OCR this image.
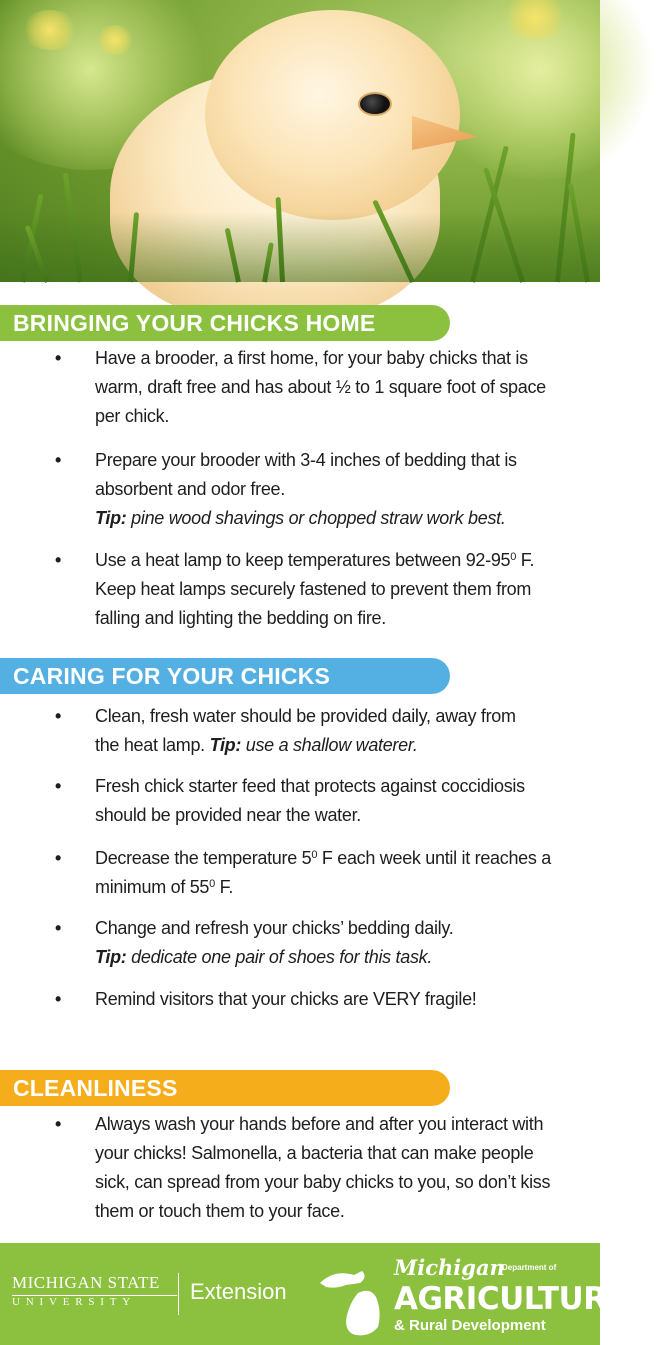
BRINGING YOUR CHICKS HOME
•	Have a brooder, a first home, for your baby chicks that is
warm, draft free and has about ½ to 1 square foot of space
per chick.
•	Prepare your brooder with 3-4 inches of bedding that is
absorbent and odor free.
Tip: pine wood shavings or chopped straw work best.
•	Use a heat lamp to keep temperatures between $92-95^0$ F.
Keep heat lamps securely fastened to prevent them from
falling and lighting the bedding on fire.
CARING FOR YOUR CHICKS
•	Clean, fresh water should be provided daily, away from
the heat lamp. Tip: use a shallow waterer.
•	Fresh chick starter feed that protects against coccidiosis
should be provided near the water.
•	Decrease the temperature $5^0$ F each week until it reaches a
minimum of $55^0$ F.
•	Change and refresh your chicks’ bedding daily.
Tip: dedicate one pair of shoes for this task.
•	Remind visitors that your chicks are VERY fragile!
CLEANLINESS
•	Always wash your hands before and after you interact with
your chicks! Salmonella, a bacteria that can make people
sick, can spread from your baby chicks to you, so don’t kiss
them or touch them to your face.
MICHIGAN STATE
UNIVERSITY	Extension
Michigan
Department of
AGRICULTURE
& Rural Development
